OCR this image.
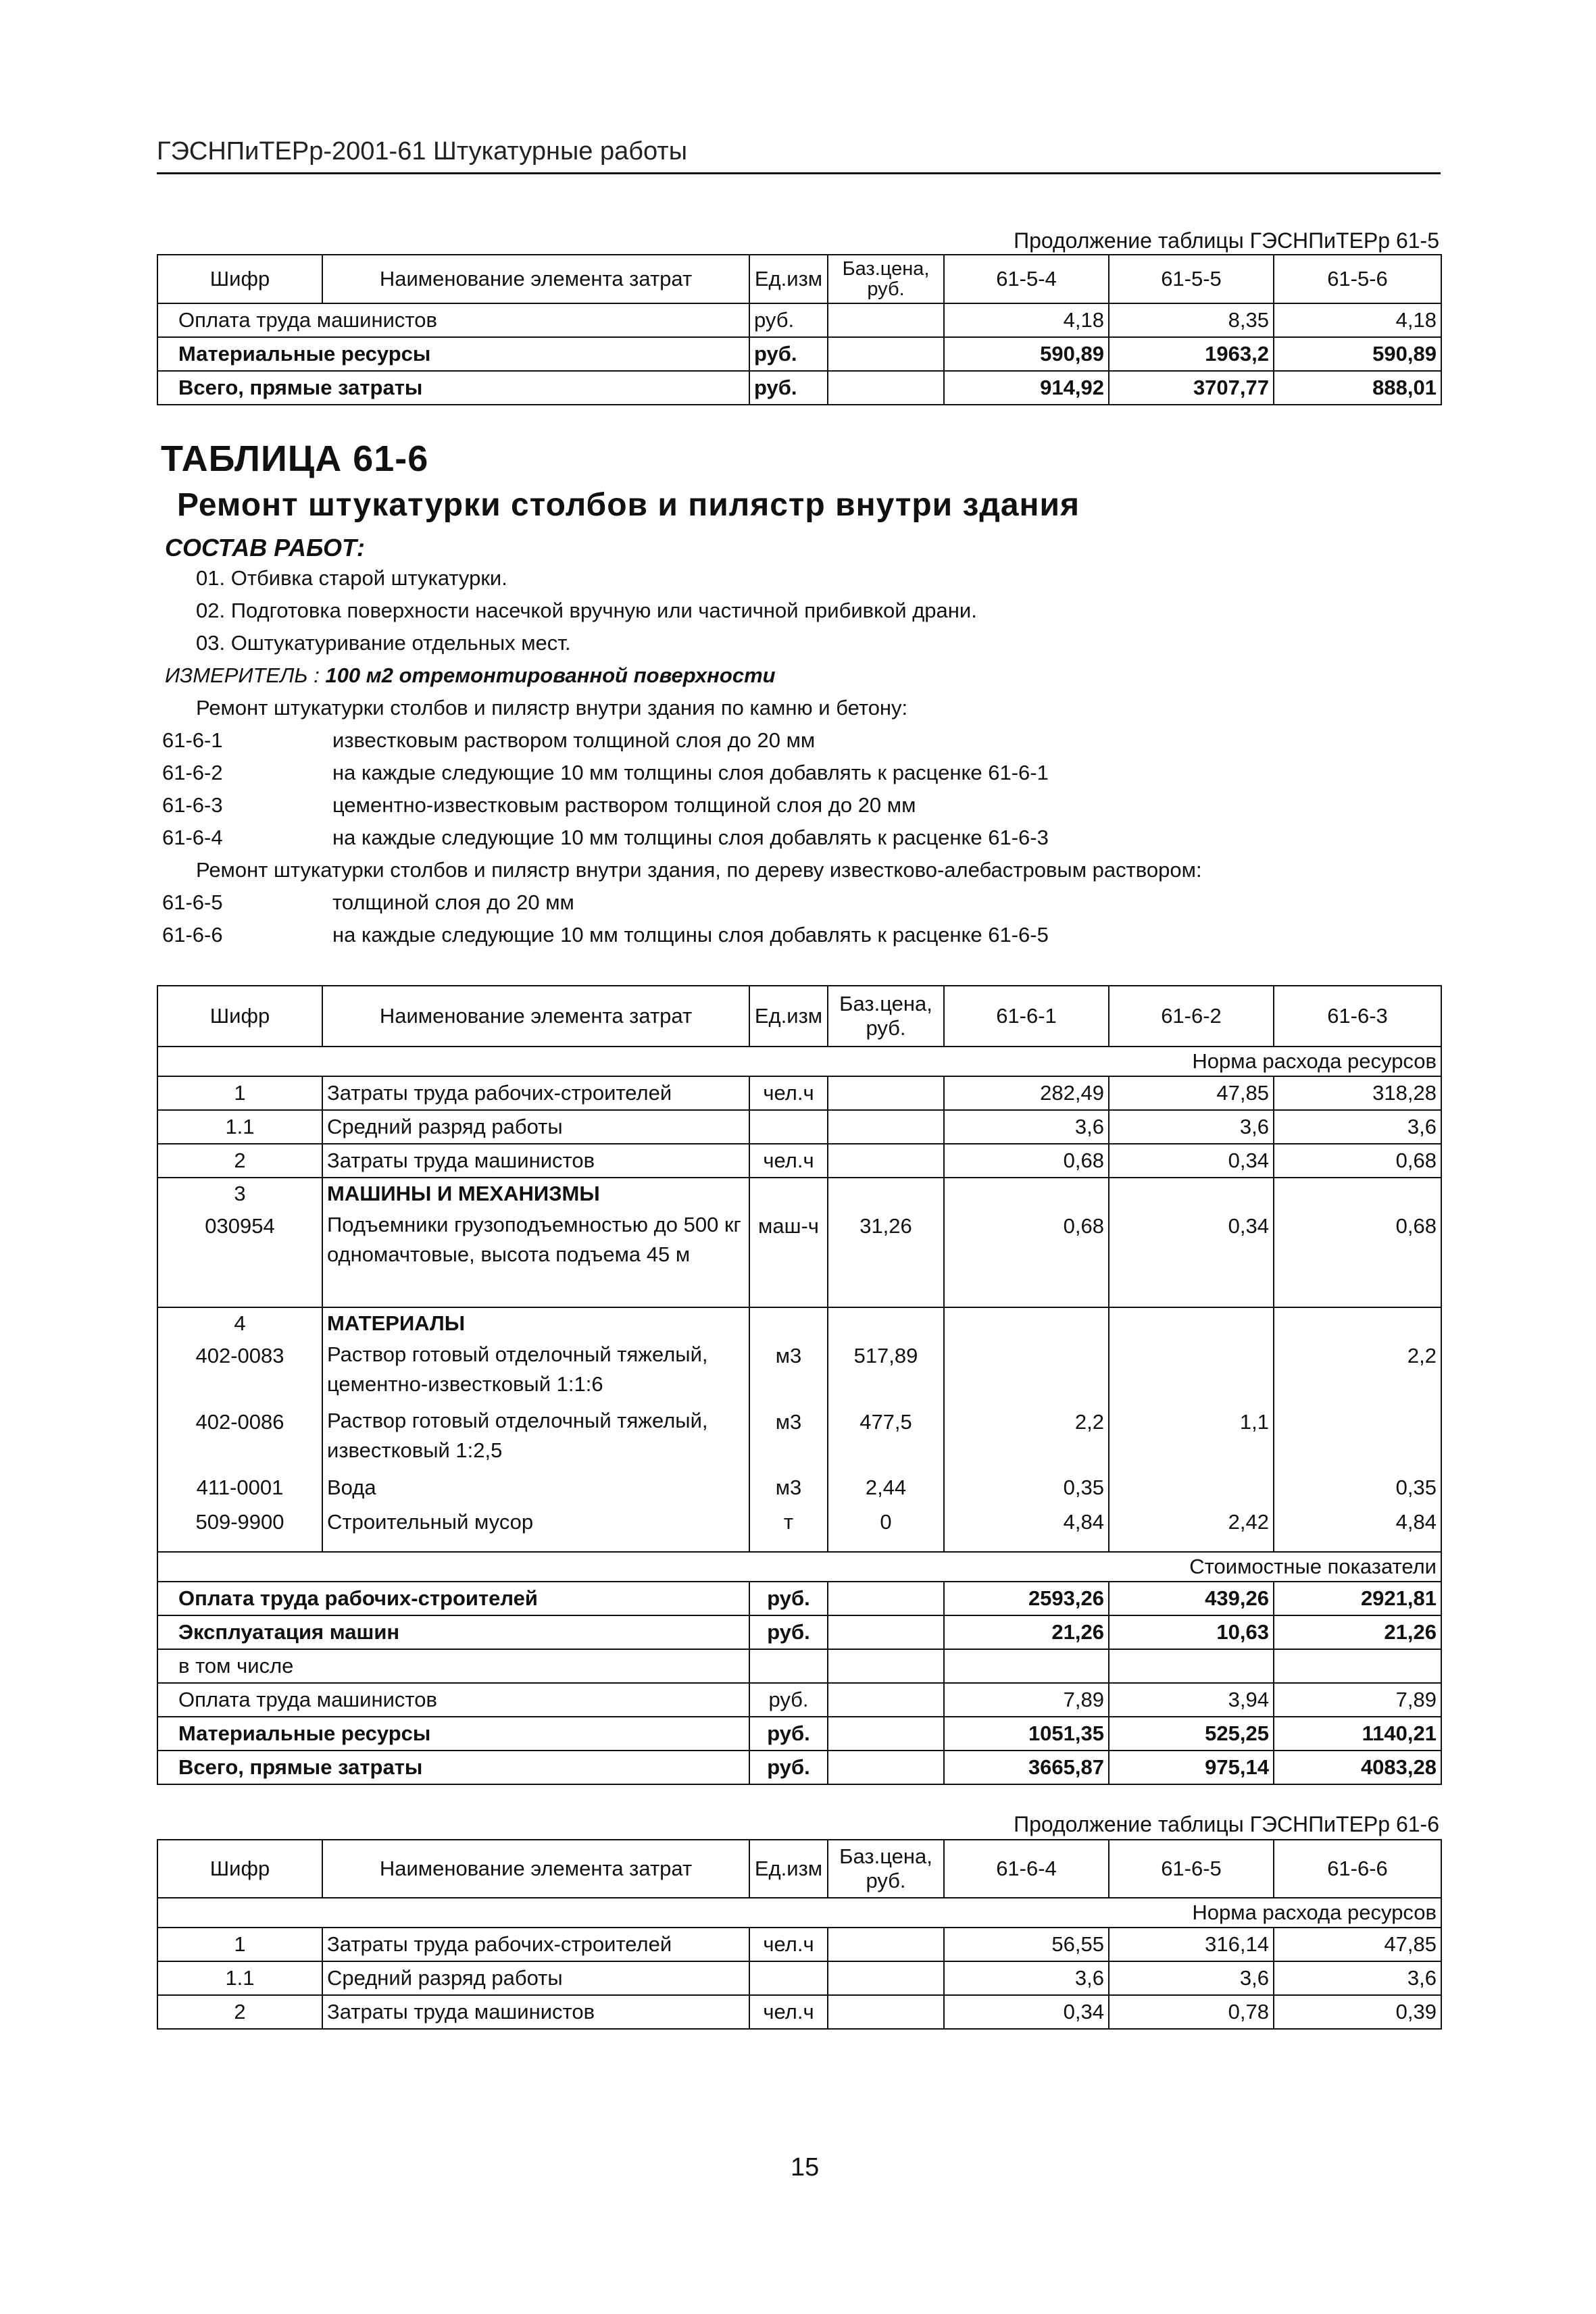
ГЭСНПиТЕРр-2001-61 Штукатурные работы
Продолжение таблицы ГЭСНПиТЕРр 61-5
Шифр	Наименование элемента затрат	Ед.изм	Баз.цена, руб.	61-5-4	61-5-5	61-5-6
Оплата труда машинистов		руб.		4,18	8,35	4,18
Материальные ресурсы		руб.		590,89	1963,2	590,89
Всего, прямые затраты		руб.		914,92	3707,77	888,01
ТАБЛИЦА 61-6
Ремонт штукатурки столбов и пилястр внутри здания
СОСТАВ РАБОТ:
01. Отбивка старой штукатурки.
02. Подготовка поверхности насечкой вручную или частичной прибивкой драни.
03. Оштукатуривание отдельных мест.
ИЗМЕРИТЕЛЬ : 100 м2 отремонтированной поверхности
Ремонт штукатурки столбов и пилястр внутри здания по камню и бетону:
61-6-1	известковым раствором толщиной слоя до 20 мм
61-6-2	на каждые следующие 10 мм толщины слоя добавлять к расценке 61-6-1
61-6-3	цементно-известковым раствором толщиной слоя до 20 мм
61-6-4	на каждые следующие 10 мм толщины слоя добавлять к расценке 61-6-3
Ремонт штукатурки столбов и пилястр внутри здания, по дереву известково-алебастровым раствором:
61-6-5	толщиной слоя до 20 мм
61-6-6	на каждые следующие 10 мм толщины слоя добавлять к расценке 61-6-5
Шифр	Наименование элемента затрат	Ед.изм	Баз.цена, руб.	61-6-1	61-6-2	61-6-3
Норма расхода ресурсов						
1	Затраты труда рабочих-строителей	чел.ч		282,49	47,85	318,28
1.1	Средний разряд работы			3,6	3,6	3,6
2	Затраты труда машинистов	чел.ч		0,68	0,34	0,68
3	МАШИНЫ И МЕХАНИЗМЫ					
030954	Подъемники грузоподъемностью до 500 кг одномачтовые, высота подъема 45 м	маш-ч	31,26	0,68	0,34	0,68
4	МАТЕРИАЛЫ					
402-0083	Раствор готовый отделочный тяжелый, цементно-известковый 1:1:6	м3	517,89			2,2
402-0086	Раствор готовый отделочный тяжелый, известковый 1:2,5	м3	477,5	2,2	1,1	
411-0001	Вода	м3	2,44	0,35		0,35
509-9900	Строительный мусор	т	0	4,84	2,42	4,84
Стоимостные показатели						
Оплата труда рабочих-строителей		руб.		2593,26	439,26	2921,81
Эксплуатация машин		руб.		21,26	10,63	21,26
в том числе						
Оплата труда машинистов		руб.		7,89	3,94	7,89
Материальные ресурсы		руб.		1051,35	525,25	1140,21
Всего, прямые затраты		руб.		3665,87	975,14	4083,28
Продолжение таблицы ГЭСНПиТЕРр 61-6
Шифр	Наименование элемента затрат	Ед.изм	Баз.цена, руб.	61-6-4	61-6-5	61-6-6
Норма расхода ресурсов						
1	Затраты труда рабочих-строителей	чел.ч		56,55	316,14	47,85
1.1	Средний разряд работы			3,6	3,6	3,6
2	Затраты труда машинистов	чел.ч		0,34	0,78	0,39
15
